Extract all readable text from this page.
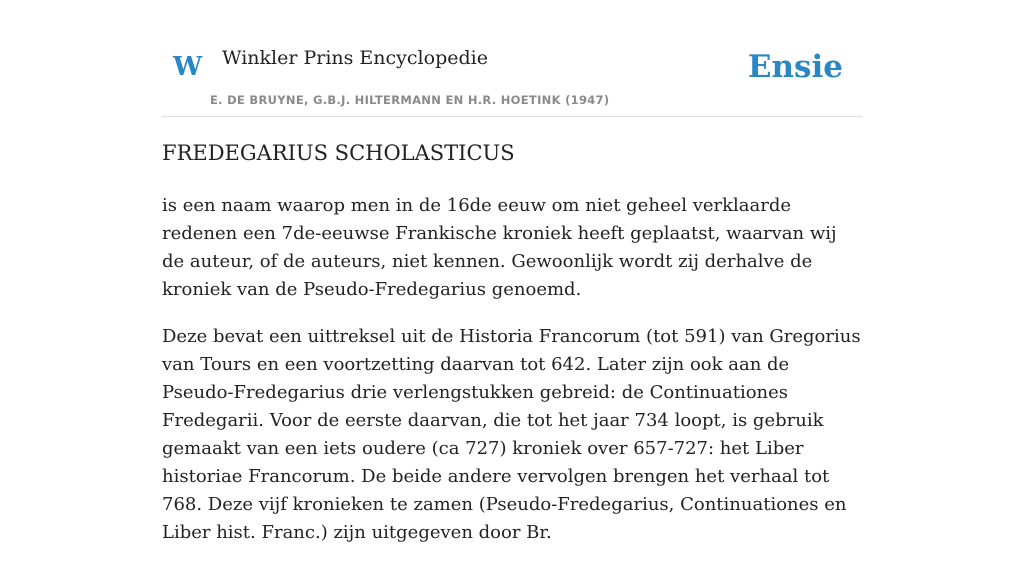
W Winkler Prins Encyclopedie
E. DE BRUYNE, G.B.J. HILTERMANN EN H.R. HOETINK (1947)
Ensie
FREDEGARIUS SCHOLASTICUS

is een naam waarop men in de 16de eeuw om niet geheel verklaarde redenen een 7de-eeuwse Frankische kroniek heeft geplaatst, waarvan wij de auteur, of de auteurs, niet kennen. Gewoonlijk wordt zij derhalve de kroniek van de Pseudo-Fredegarius genoemd.

Deze bevat een uittreksel uit de Historia Francorum (tot 591) van Gregorius van Tours en een voortzetting daarvan tot 642. Later zijn ook aan de Pseudo-Fredegarius drie verlengstukken gebreid: de Continuationes Fredegarii. Voor de eerste daarvan, die tot het jaar 734 loopt, is gebruik gemaakt van een iets oudere (ca 727) kroniek over 657-727: het Liber historiae Francorum. De beide andere vervolgen brengen het verhaal tot 768. Deze vijf kronieken te zamen (Pseudo-Fredegarius, Continuationes en Liber hist. Franc.) zijn uitgegeven door Br.
